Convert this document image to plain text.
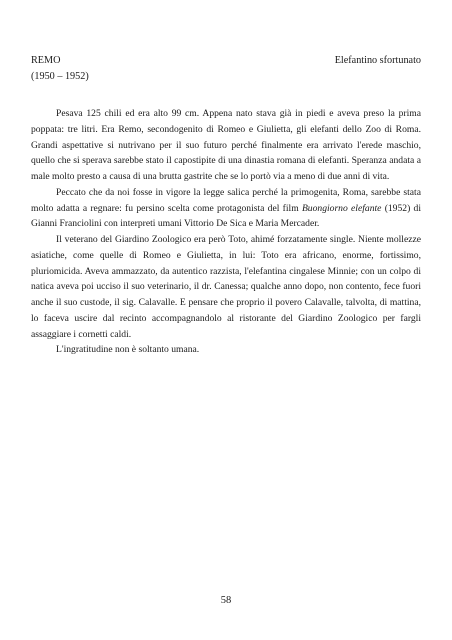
REMO
(1950 – 1952)
Elefantino sfortunato

Pesava 125 chili ed era alto 99 cm. Appena nato stava già in piedi e aveva preso la prima poppata: tre litri. Era Remo, secondogenito di Romeo e Giulietta, gli elefanti dello Zoo di Roma. Grandi aspettative si nutrivano per il suo futuro perché finalmente era arrivato l'erede maschio, quello che si sperava sarebbe stato il capostipite di una dinastia romana di elefanti. Speranza andata a male molto presto a causa di una brutta gastrite che se lo portò via a meno di due anni di vita.

Peccato che da noi fosse in vigore la legge salica perché la primogenita, Roma, sarebbe stata molto adatta a regnare: fu persino scelta come protagonista del film Buongiorno elefante (1952) di Gianni Franciolini con interpreti umani Vittorio De Sica e Maria Mercader.

Il veterano del Giardino Zoologico era però Toto, ahimé forzatamente single. Niente mollezze asiatiche, come quelle di Romeo e Giulietta, in lui: Toto era africano, enorme, fortissimo, pluriomicida. Aveva ammazzato, da autentico razzista, l'elefantina cingalese Minnie; con un colpo di natica aveva poi ucciso il suo veterinario, il dr. Canessa; qualche anno dopo, non contento, fece fuori anche il suo custode, il sig. Calavalle. E pensare che proprio il povero Calavalle, talvolta, di mattina, lo faceva uscire dal recinto accompagnandolo al ristorante del Giardino Zoologico per fargli assaggiare i cornetti caldi.

L'ingratitudine non è soltanto umana.

58
